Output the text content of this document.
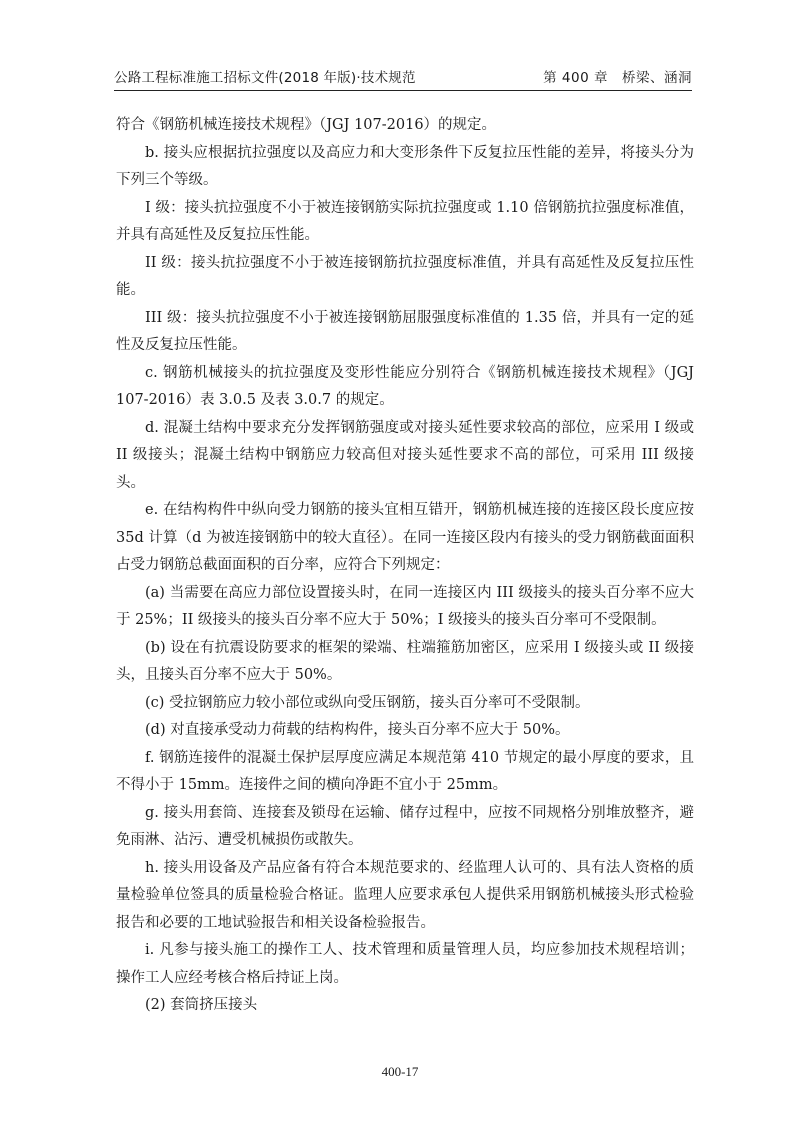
公路工程标准施工招标文件(2018 年版)·技术规范	第 400 章　桥梁、涵洞

符合《钢筋机械连接技术规程》（JGJ 107-2016）的规定。

b. 接头应根据抗拉强度以及高应力和大变形条件下反复拉压性能的差异，将接头分为下列三个等级。

I 级：接头抗拉强度不小于被连接钢筋实际抗拉强度或 1.10 倍钢筋抗拉强度标准值，并具有高延性及反复拉压性能。

II 级：接头抗拉强度不小于被连接钢筋抗拉强度标准值，并具有高延性及反复拉压性能。

III 级：接头抗拉强度不小于被连接钢筋屈服强度标准值的 1.35 倍，并具有一定的延性及反复拉压性能。

c. 钢筋机械接头的抗拉强度及变形性能应分别符合《钢筋机械连接技术规程》（JGJ 107-2016）表 3.0.5 及表 3.0.7 的规定。

d. 混凝土结构中要求充分发挥钢筋强度或对接头延性要求较高的部位，应采用 I 级或 II 级接头；混凝土结构中钢筋应力较高但对接头延性要求不高的部位，可采用 III 级接头。

e. 在结构构件中纵向受力钢筋的接头宜相互错开，钢筋机械连接的连接区段长度应按 35d 计算（d 为被连接钢筋中的较大直径）。在同一连接区段内有接头的受力钢筋截面面积占受力钢筋总截面面积的百分率，应符合下列规定：

(a) 当需要在高应力部位设置接头时，在同一连接区内 III 级接头的接头百分率不应大于 25%；II 级接头的接头百分率不应大于 50%；I 级接头的接头百分率可不受限制。

(b) 设在有抗震设防要求的框架的梁端、柱端箍筋加密区，应采用 I 级接头或 II 级接头，且接头百分率不应大于 50%。

(c) 受拉钢筋应力较小部位或纵向受压钢筋，接头百分率可不受限制。

(d) 对直接承受动力荷载的结构构件，接头百分率不应大于 50%。

f. 钢筋连接件的混凝土保护层厚度应满足本规范第 410 节规定的最小厚度的要求，且不得小于 15mm。连接件之间的横向净距不宜小于 25mm。

g. 接头用套筒、连接套及锁母在运输、储存过程中，应按不同规格分别堆放整齐，避免雨淋、沾污、遭受机械损伤或散失。

h. 接头用设备及产品应备有符合本规范要求的、经监理人认可的、具有法人资格的质量检验单位签具的质量检验合格证。监理人应要求承包人提供采用钢筋机械接头形式检验报告和必要的工地试验报告和相关设备检验报告。

i. 凡参与接头施工的操作工人、技术管理和质量管理人员，均应参加技术规程培训；操作工人应经考核合格后持证上岗。

(2) 套筒挤压接头

400-17
